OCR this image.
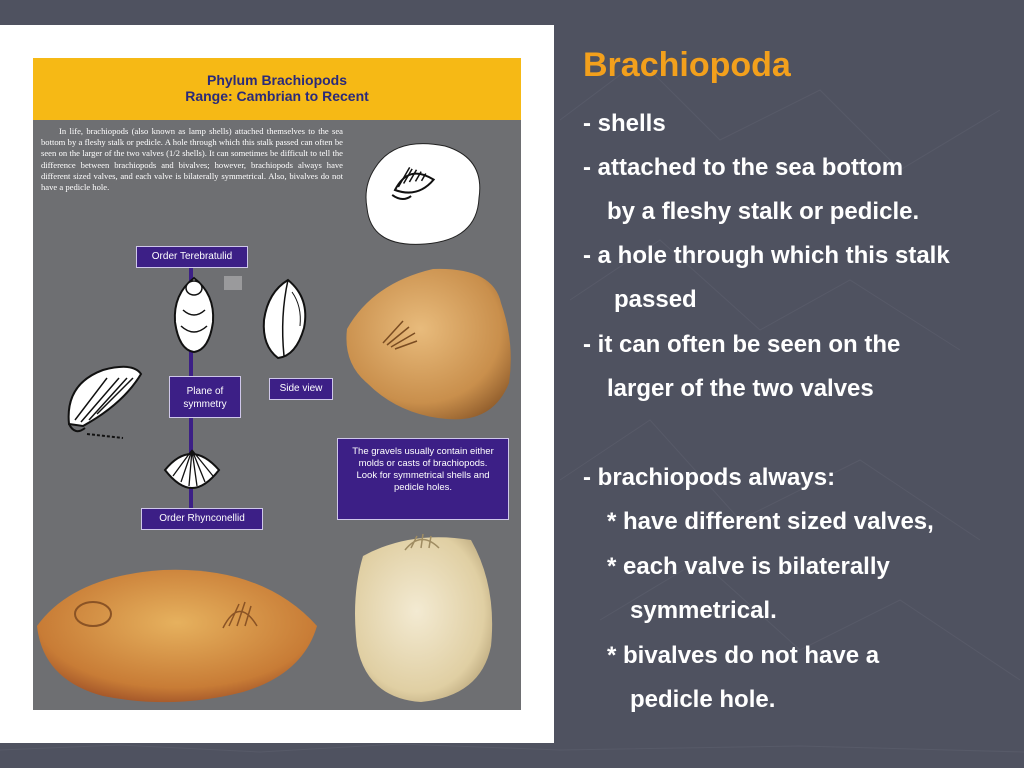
Phylum Brachiopods
Range: Cambrian to Recent

In life, brachiopods (also known as lamp shells) attached themselves to the sea bottom by a fleshy stalk or pedicle. A hole through which this stalk passed can often be seen on the larger of the two valves (1/2 shells). It can sometimes be difficult to tell the difference between brachiopods and bivalves; however, brachiopods always have different sized valves, and each valve is bilaterally symmetrical. Also, bivalves do not have a pedicle hole.

Order Terebratulid
Plane of symmetry
Side view
Order Rhynconellid
The gravels usually contain either molds or casts of brachiopods. Look for symmetrical shells and pedicle holes.
Brachiopoda

- shells

- attached to the sea bottom

by a fleshy stalk or pedicle.

- a hole through which this stalk

passed

- it can often be seen on the

larger of the two valves

- brachiopods always:

* have different sized valves,

* each valve is bilaterally

symmetrical.

* bivalves do not have a

pedicle hole.
